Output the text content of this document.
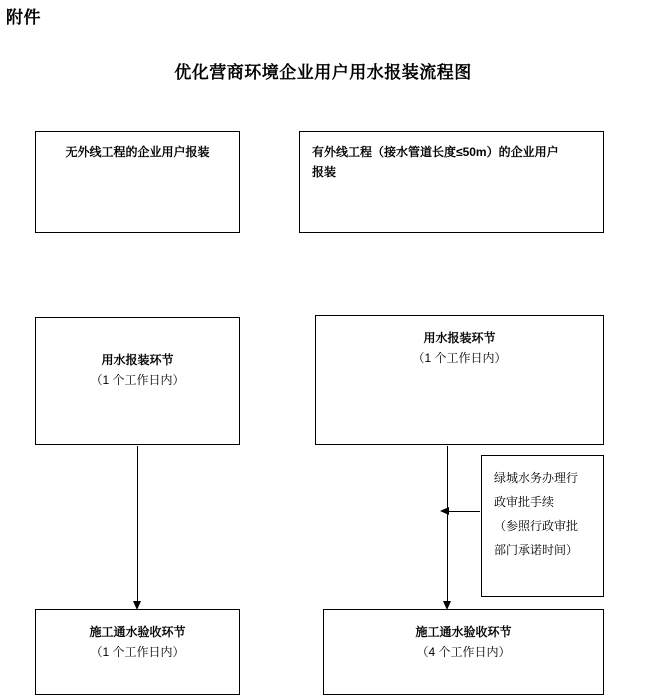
附件
优化营商环境企业用户用水报装流程图
无外线工程的企业用户报装
用水报装环节
（1 个工作日内）
施工通水验收环节
（1 个工作日内）
有外线工程（接水管道长度≤50m）的企业用户
报装
用水报装环节
（1 个工作日内）
绿城水务办理行
政审批手续
（参照行政审批
部门承诺时间）
施工通水验收环节
（4 个工作日内）
